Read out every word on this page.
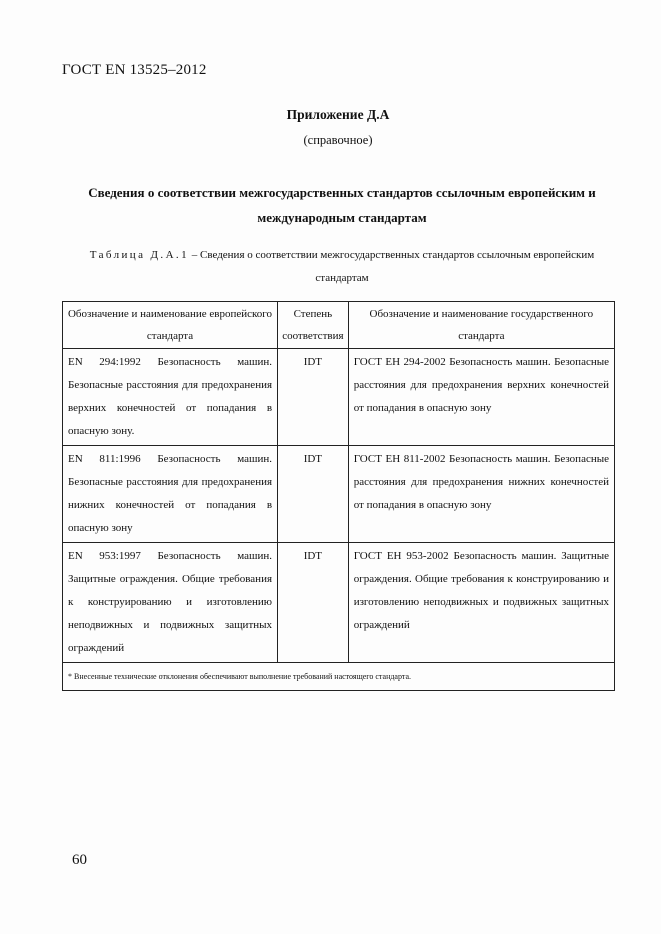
ГОСТ EN 13525–2012
Приложение Д.А
(справочное)
Сведения о соответствии межгосударственных стандартов ссылочным европейским и международным стандартам
Таблица Д.А.1 – Сведения о соответствии межгосударственных стандартов ссылочным европейским стандартам
Обозначение и наименование европейского стандарта	Степень соответствия	Обозначение и наименование государственного стандарта
EN 294:1992 Безопасность машин. Безопасные расстояния для предохранения верхних конечностей от попадания в опасную зону.	IDT	ГОСТ ЕН 294-2002 Безопасность машин. Безопасные расстояния для предохранения верхних конечностей от попадания в опасную зону
EN 811:1996 Безопасность машин. Безопасные расстояния для предохранения нижних конечностей от попадания в опасную зону	IDT	ГОСТ ЕН 811-2002 Безопасность машин. Безопасные расстояния для предохранения нижних конечностей от попадания в опасную зону
EN 953:1997 Безопасность машин. Защитные ограждения. Общие требования к конструированию и изготовлению неподвижных и подвижных защитных ограждений	IDT	ГОСТ ЕН 953-2002 Безопасность машин. Защитные ограждения. Общие требования к конструированию и изготовлению неподвижных и подвижных защитных ограждений
* Внесенные технические отклонения обеспечивают выполнение требований настоящего стандарта.		
60
